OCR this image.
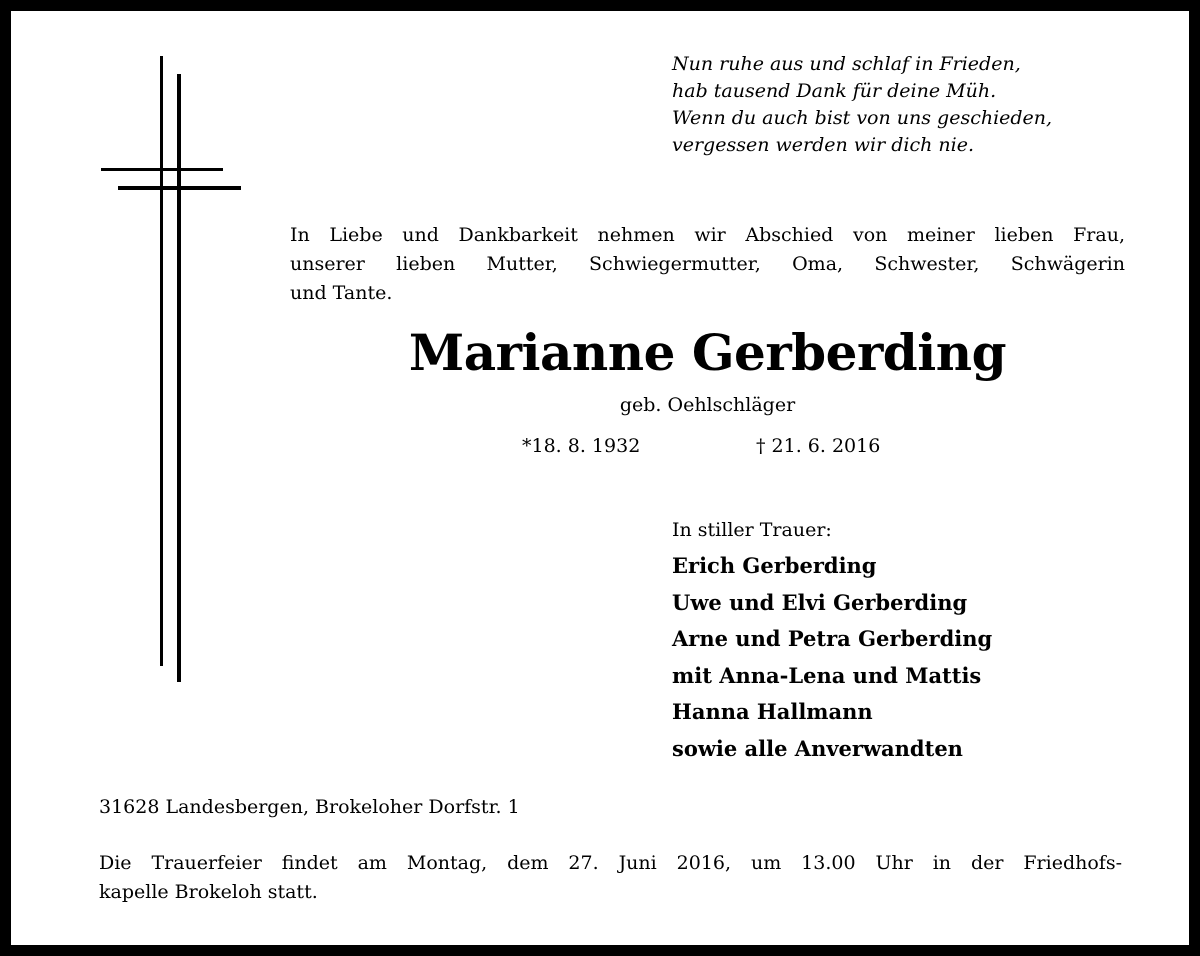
Nun ruhe aus und schlaf in Frieden,
hab tausend Dank für deine Müh.
Wenn du auch bist von uns geschieden,
vergessen werden wir dich nie.
In Liebe und Dankbarkeit nehmen wir Abschied von meiner lieben Frau,
unserer lieben Mutter, Schwiegermutter, Oma, Schwester, Schwägerin
und Tante.
Marianne Gerberding
geb. Oehlschläger
*18. 8. 1932	† 21. 6. 2016
In stiller Trauer:
Erich Gerberding
Uwe und Elvi Gerberding
Arne und Petra Gerberding
mit Anna-Lena und Mattis
Hanna Hallmann
sowie alle Anverwandten
31628 Landesbergen, Brokeloher Dorfstr. 1
Die Trauerfeier findet am Montag, dem 27. Juni 2016, um 13.00 Uhr in der Friedhofs-
kapelle Brokeloh statt.
